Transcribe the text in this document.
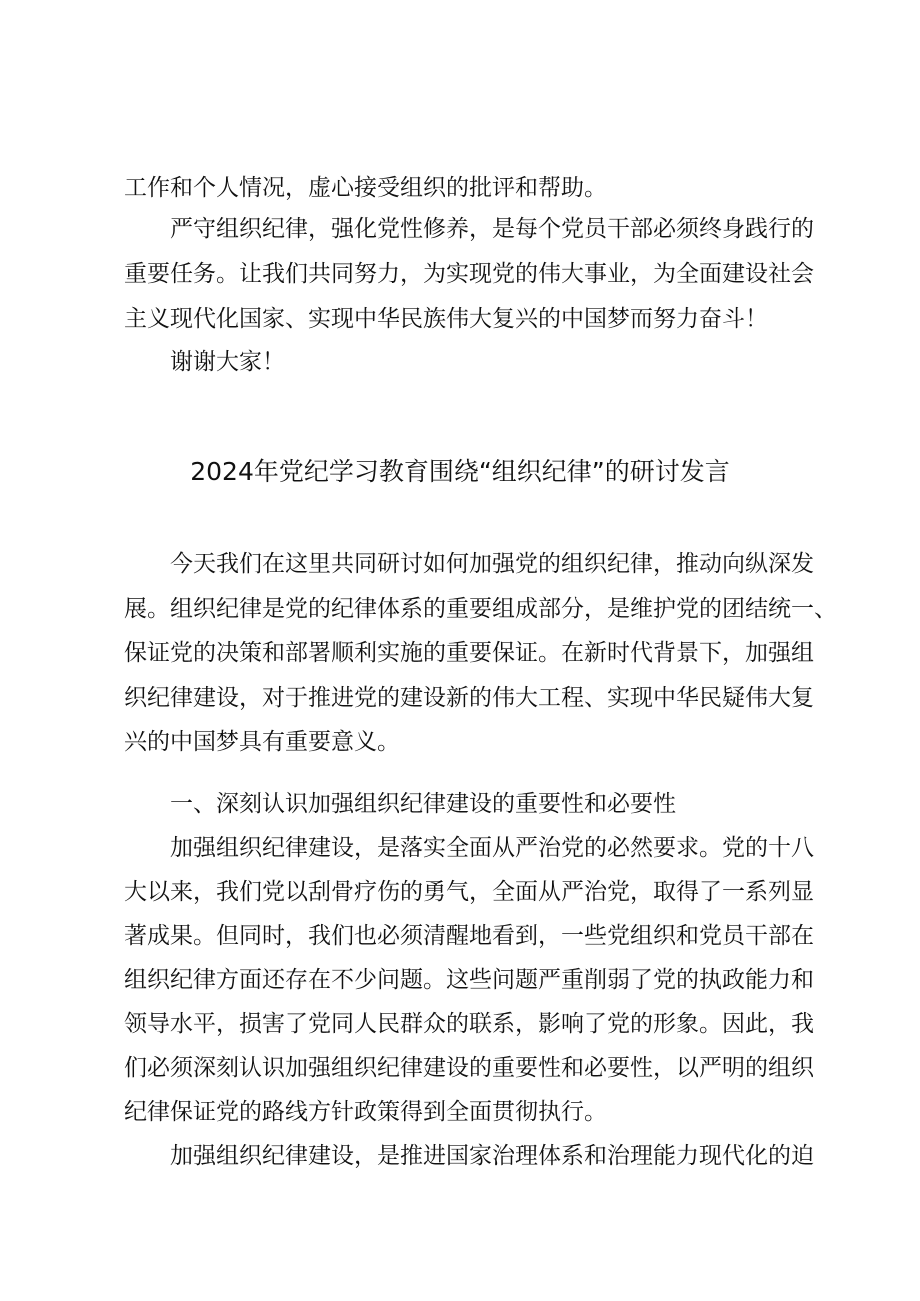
工作和个人情况，虚心接受组织的批评和帮助。
严守组织纪律，强化党性修养，是每个党员干部必须终身践行的
重要任务。让我们共同努力，为实现党的伟大事业，为全面建设社会
主义现代化国家、实现中华民族伟大复兴的中国梦而努力奋斗！
谢谢大家！
2024年党纪学习教育围绕“组织纪律”的研讨发言
今天我们在这里共同研讨如何加强党的组织纪律，推动向纵深发
展。组织纪律是党的纪律体系的重要组成部分，是维护党的团结统一、
保证党的决策和部署顺利实施的重要保证。在新时代背景下，加强组
织纪律建设，对于推进党的建设新的伟大工程、实现中华民疑伟大复
兴的中国梦具有重要意义。
一、深刻认识加强组织纪律建设的重要性和必要性
加强组织纪律建设，是落实全面从严治党的必然要求。党的十八
大以来，我们党以刮骨疗伤的勇气，全面从严治党，取得了一系列显
著成果。但同时，我们也必须清醒地看到，一些党组织和党员干部在
组织纪律方面还存在不少问题。这些问题严重削弱了党的执政能力和
领导水平，损害了党同人民群众的联系，影响了党的形象。因此，我
们必须深刻认识加强组织纪律建设的重要性和必要性，以严明的组织
纪律保证党的路线方针政策得到全面贯彻执行。
加强组织纪律建设，是推进国家治理体系和治理能力现代化的迫
